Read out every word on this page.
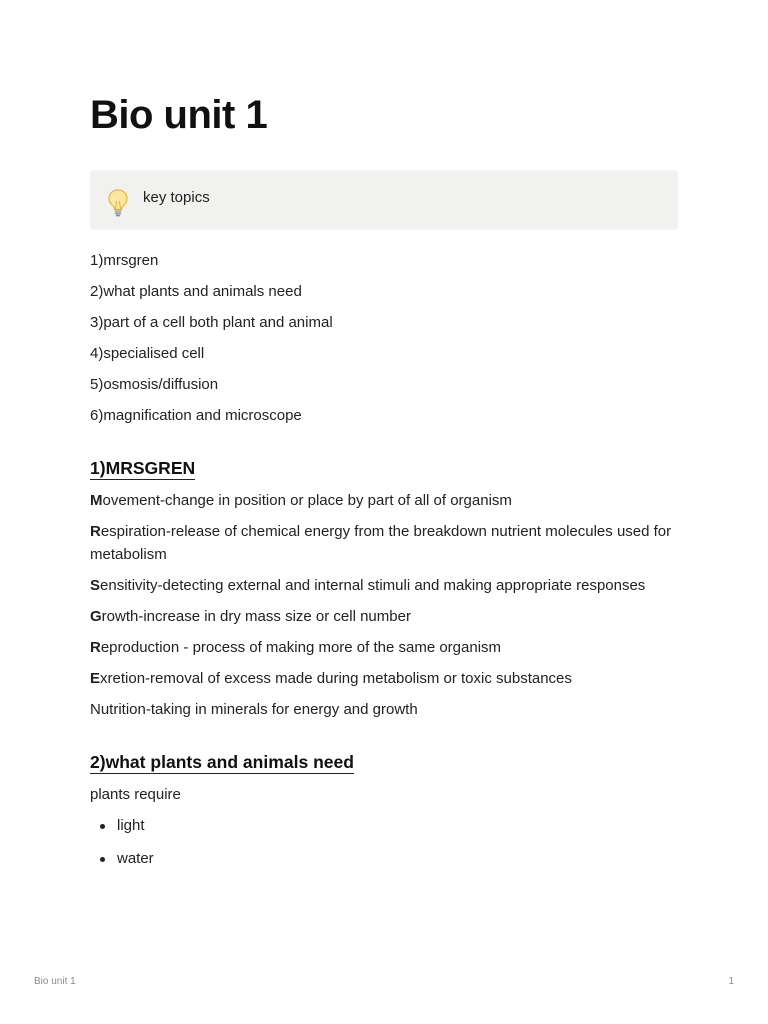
Bio unit 1
key topics

1)mrsgren

2)what plants and animals need

3)part of a cell both plant and animal

4)specialised cell

5)osmosis/diffusion

6)magnification and microscope

1)MRSGREN

Movement-change in position or place by part of all of organism

Respiration-release of chemical energy from the breakdown nutrient molecules used for metabolism

Sensitivity-detecting external and internal stimuli and making appropriate responses

Growth-increase in dry mass size or cell number

Reproduction - process of making more of the same organism

Exretion-removal of excess made during metabolism or toxic substances

Nutrition-taking in minerals for energy and growth

2)what plants and animals need

plants require

light
water
Bio unit 1	1
